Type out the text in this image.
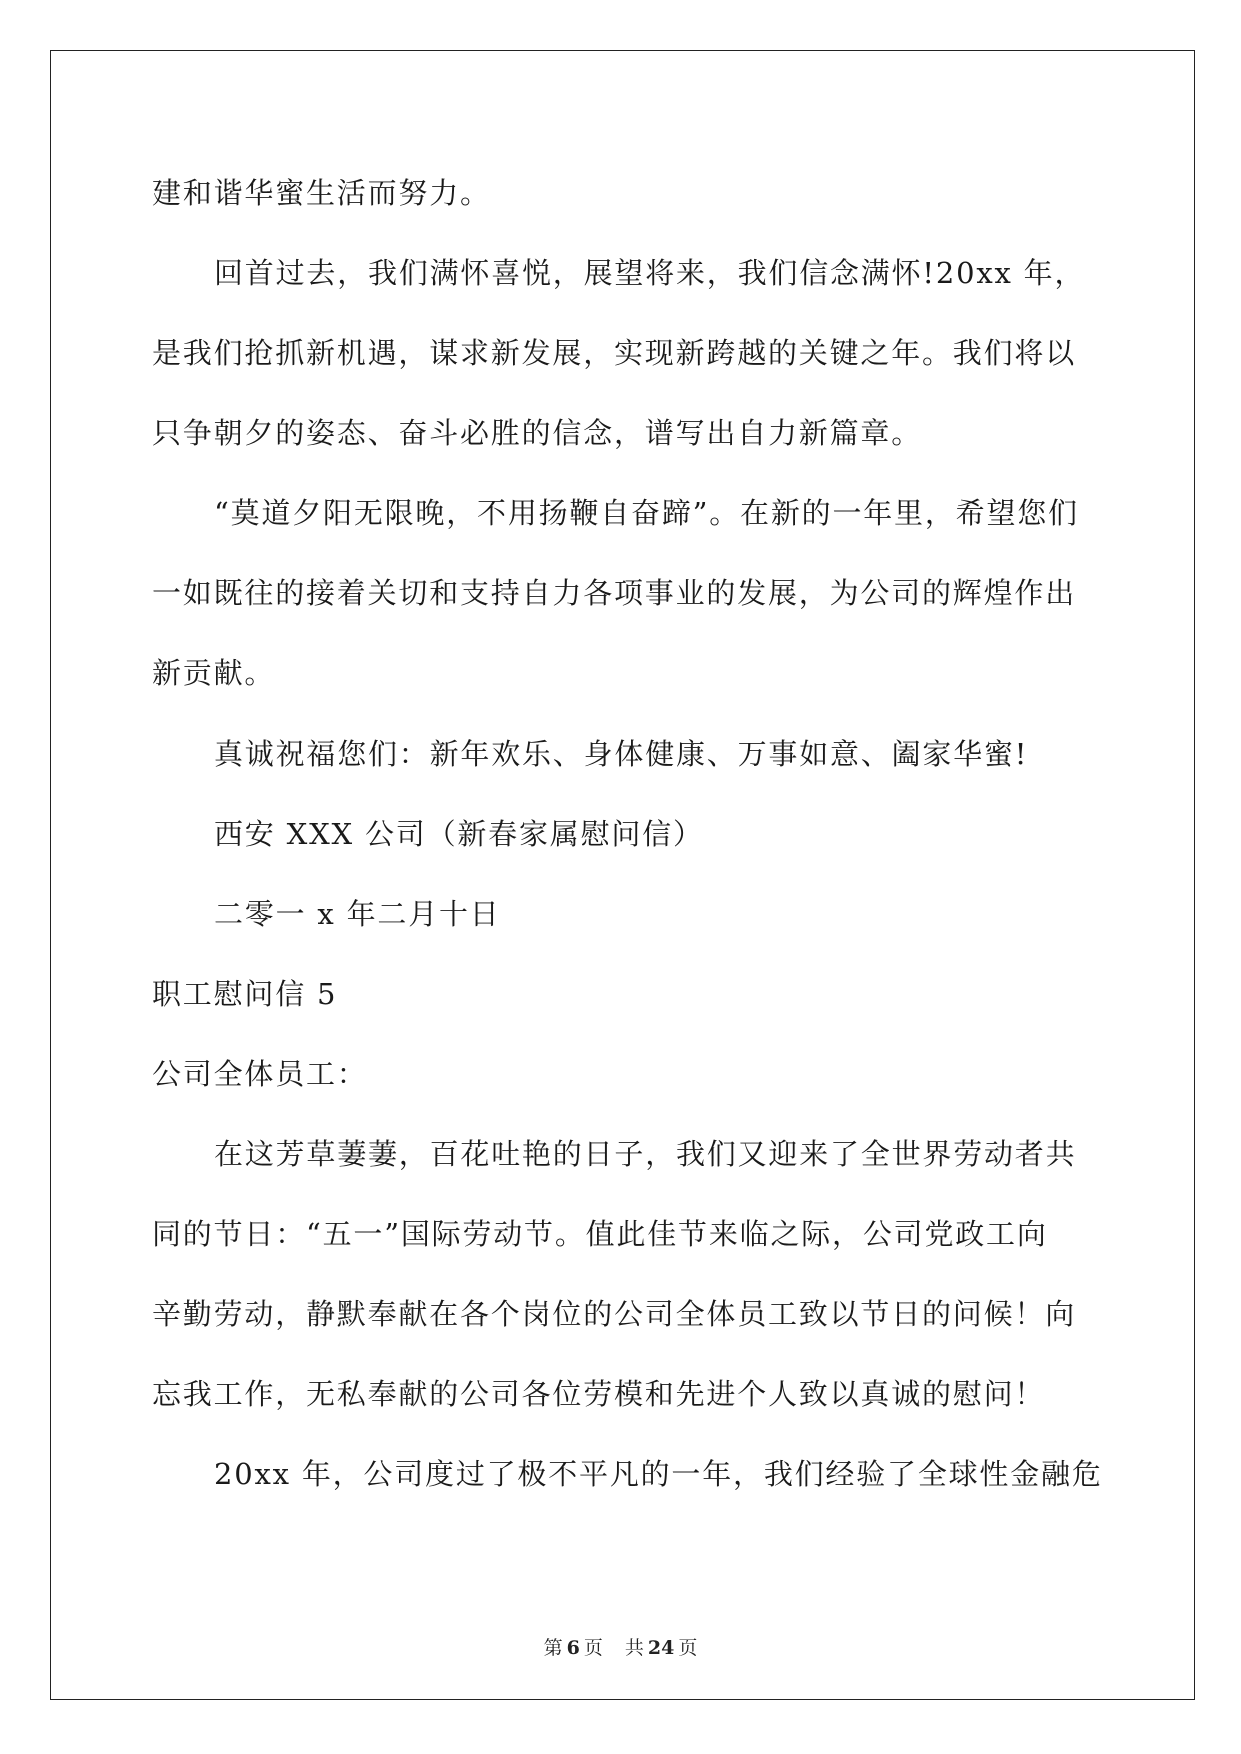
建和谐华蜜生活而努力。
回首过去，我们满怀喜悦，展望将来，我们信念满怀!20xx 年，
是我们抢抓新机遇，谋求新发展，实现新跨越的关键之年。我们将以
只争朝夕的姿态、奋斗必胜的信念，谱写出自力新篇章。
“莫道夕阳无限晚，不用扬鞭自奋蹄”。在新的一年里，希望您们
一如既往的接着关切和支持自力各项事业的发展，为公司的辉煌作出
新贡献。
真诚祝福您们：新年欢乐、身体健康、万事如意、阖家华蜜!
西安 XXX 公司（新春家属慰问信）
二零一 x 年二月十日
职工慰问信 5
公司全体员工：
在这芳草萋萋，百花吐艳的日子，我们又迎来了全世界劳动者共
同的节日：“五一”国际劳动节。值此佳节来临之际，公司党政工向
辛勤劳动，静默奉献在各个岗位的公司全体员工致以节日的问候！向
忘我工作，无私奉献的公司各位劳模和先进个人致以真诚的慰问！
20xx 年，公司度过了极不平凡的一年，我们经验了全球性金融危
第 6 页 共 24 页
